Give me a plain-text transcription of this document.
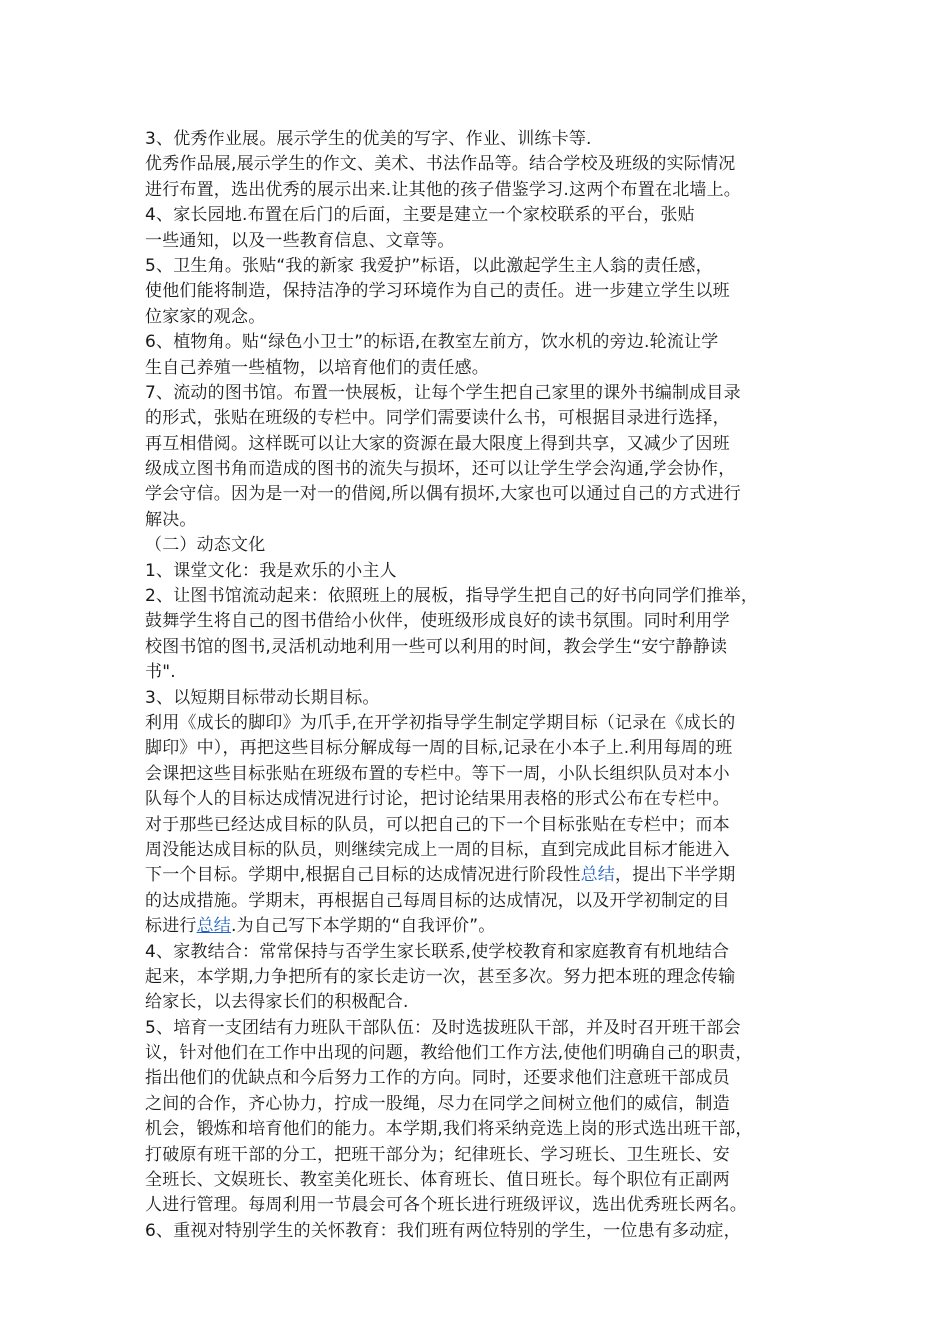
3、优秀作业展。展示学生的优美的写字、作业、训练卡等.
优秀作品展,展示学生的作文、美术、书法作品等。结合学校及班级的实际情况
进行布置，选出优秀的展示出来.让其他的孩子借鉴学习.这两个布置在北墙上。
4、家长园地.布置在后门的后面，主要是建立一个家校联系的平台，张贴
一些通知，以及一些教育信息、文章等。
5、卫生角。张贴“我的新家 我爱护”标语，以此激起学生主人翁的责任感，
使他们能将制造，保持洁净的学习环境作为自己的责任。进一步建立学生以班
位家家的观念。
6、植物角。贴“绿色小卫士”的标语,在教室左前方，饮水机的旁边.轮流让学
生自己养殖一些植物，以培育他们的责任感。
7、流动的图书馆。布置一快展板，让每个学生把自己家里的课外书编制成目录
的形式，张贴在班级的专栏中。同学们需要读什么书，可根据目录进行选择，
再互相借阅。这样既可以让大家的资源在最大限度上得到共享，又减少了因班
级成立图书角而造成的图书的流失与损坏，还可以让学生学会沟通,学会协作，
学会守信。因为是一对一的借阅,所以偶有损坏,大家也可以通过自己的方式进行
解决。
（二）动态文化
1、课堂文化：我是欢乐的小主人
2、让图书馆流动起来：依照班上的展板，指导学生把自己的好书向同学们推举，
鼓舞学生将自己的图书借给小伙伴，使班级形成良好的读书氛围。同时利用学
校图书馆的图书,灵活机动地利用一些可以利用的时间，教会学生“安宁静静读
书".
3、以短期目标带动长期目标。
利用《成长的脚印》为爪手,在开学初指导学生制定学期目标（记录在《成长的
脚印》中），再把这些目标分解成每一周的目标,记录在小本子上.利用每周的班
会课把这些目标张贴在班级布置的专栏中。等下一周，小队长组织队员对本小
队每个人的目标达成情况进行讨论，把讨论结果用表格的形式公布在专栏中。
对于那些已经达成目标的队员，可以把自己的下一个目标张贴在专栏中；而本
周没能达成目标的队员，则继续完成上一周的目标，直到完成此目标才能进入
下一个目标。学期中,根据自己目标的达成情况进行阶段性总结，提出下半学期
的达成措施。学期末，再根据自己每周目标的达成情况，以及开学初制定的目
标进行总结.为自己写下本学期的“自我评价”。
4、家教结合：常常保持与否学生家长联系,使学校教育和家庭教育有机地结合
起来，本学期,力争把所有的家长走访一次，甚至多次。努力把本班的理念传输
给家长，以去得家长们的积极配合.
5、培育一支团结有力班队干部队伍：及时选拔班队干部，并及时召开班干部会
议，针对他们在工作中出现的问题，教给他们工作方法,使他们明确自己的职责，
指出他们的优缺点和今后努力工作的方向。同时，还要求他们注意班干部成员
之间的合作，齐心协力，拧成一股绳，尽力在同学之间树立他们的威信，制造
机会，锻炼和培育他们的能力。本学期,我们将采纳竞选上岗的形式选出班干部，
打破原有班干部的分工，把班干部分为；纪律班长、学习班长、卫生班长、安
全班长、文娱班长、教室美化班长、体育班长、值日班长。每个职位有正副两
人进行管理。每周利用一节晨会可各个班长进行班级评议，选出优秀班长两名。
6、重视对特别学生的关怀教育：我们班有两位特别的学生，一位患有多动症，
